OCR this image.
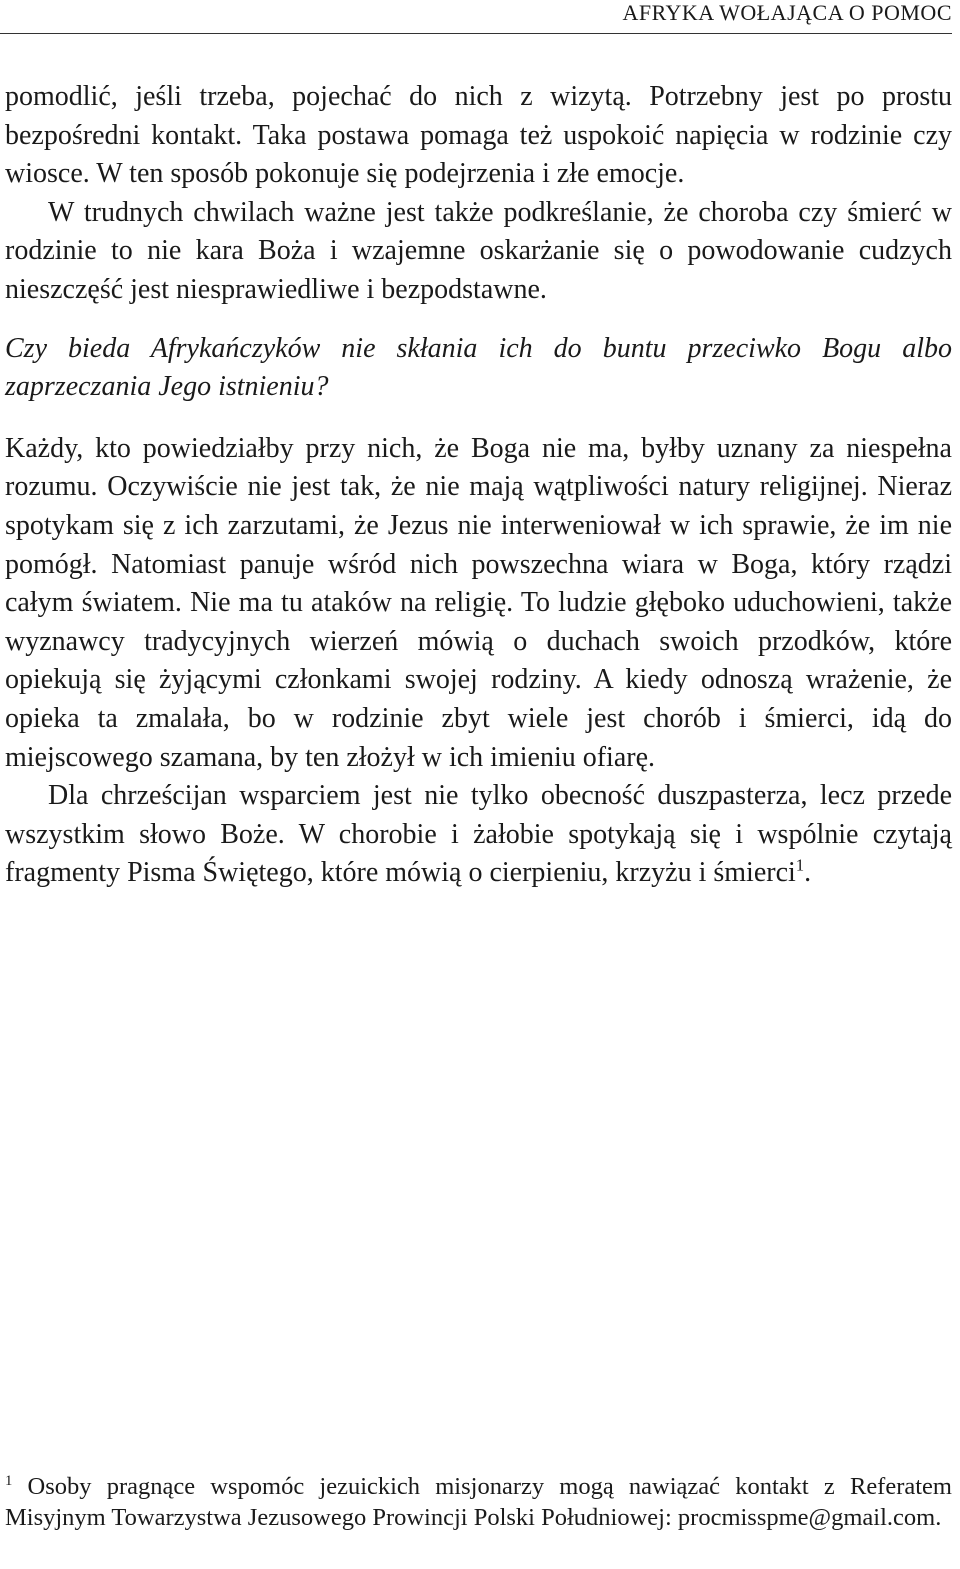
AFRYKA WOŁAJĄCA O POMOC

pomodlić, jeśli trzeba, pojechać do nich z wizytą. Potrzebny jest po prostu bezpośredni kontakt. Taka postawa pomaga też uspokoić napięcia w rodzinie czy wiosce. W ten sposób pokonuje się podejrzenia i złe emocje.

W trudnych chwilach ważne jest także podkreślanie, że choroba czy śmierć w rodzinie to nie kara Boża i wzajemne oskarżanie się o powodowanie cudzych nieszczęść jest niesprawiedliwe i bezpodstawne.

Czy bieda Afrykańczyków nie skłania ich do buntu przeciwko Bogu albo zaprzeczania Jego istnieniu?

Każdy, kto powiedziałby przy nich, że Boga nie ma, byłby uznany za niespełna rozumu. Oczywiście nie jest tak, że nie mają wątpliwości natury religijnej. Nieraz spotykam się z ich zarzutami, że Jezus nie interweniował w ich sprawie, że im nie pomógł. Natomiast panuje wśród nich powszechna wiara w Boga, który rządzi całym światem. Nie ma tu ataków na religię. To ludzie głęboko uduchowieni, także wyznawcy tradycyjnych wierzeń mówią o duchach swoich przodków, które opiekują się żyjącymi członkami swojej rodziny. A kiedy odnoszą wrażenie, że opieka ta zmalała, bo w rodzinie zbyt wiele jest chorób i śmierci, idą do miejscowego szamana, by ten złożył w ich imieniu ofiarę.

Dla chrześcijan wsparciem jest nie tylko obecność duszpasterza, lecz przede wszystkim słowo Boże. W chorobie i żałobie spotykają się i wspólnie czytają fragmenty Pisma Świętego, które mówią o cierpieniu, krzyżu i śmierci$^1$.

$^1$ Osoby pragnące wspomóc jezuickich misjonarzy mogą nawiązać kontakt z Referatem Misyjnym Towarzystwa Jezusowego Prowincji Polski Południowej: procmisspme@gmail.com.
